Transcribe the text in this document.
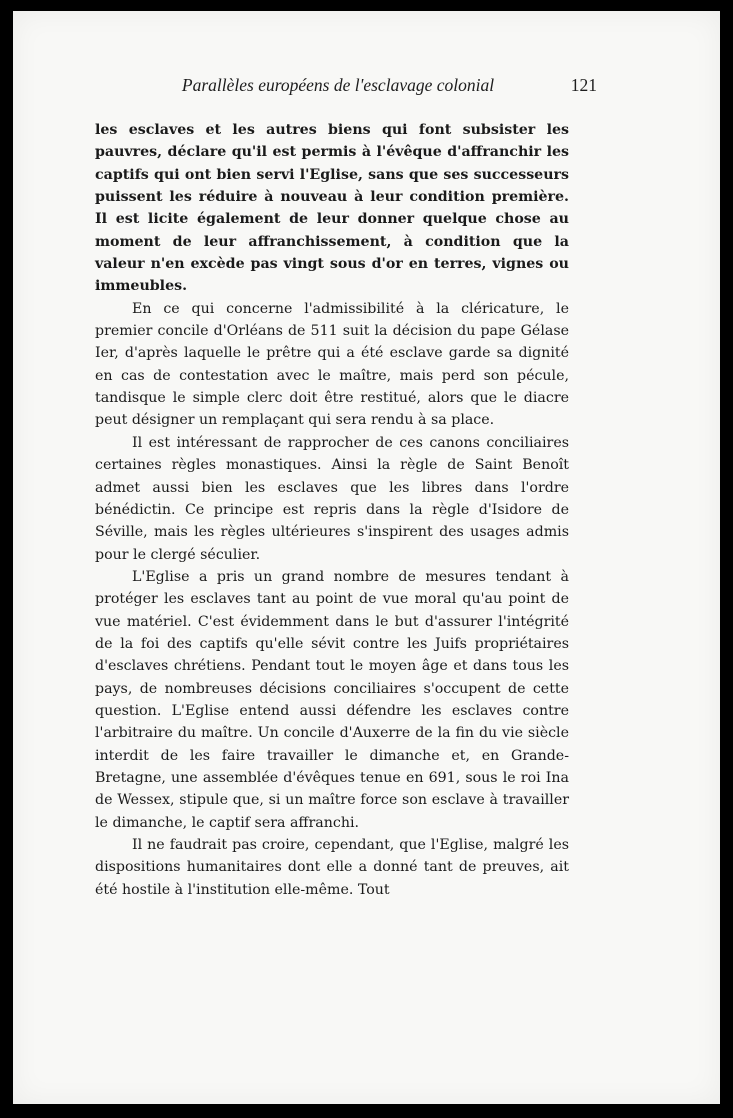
Parallèles européens de l'esclavage colonial	121

les esclaves et les autres biens qui font subsister les pauvres, déclare qu'il est permis à l'évêque d'affranchir les captifs qui ont bien servi l'Eglise, sans que ses successeurs puissent les réduire à nouveau à leur condition première. Il est licite également de leur donner quelque chose au moment de leur affranchissement, à condition que la valeur n'en excède pas vingt sous d'or en terres, vignes ou immeubles.

En ce qui concerne l'admissibilité à la cléricature, le premier concile d'Orléans de 511 suit la décision du pape Gélase Ier, d'après laquelle le prêtre qui a été esclave garde sa dignité en cas de contestation avec le maître, mais perd son pécule, tandisque le simple clerc doit être restitué, alors que le diacre peut désigner un remplaçant qui sera rendu à sa place.

Il est intéressant de rapprocher de ces canons conciliaires certaines règles monastiques. Ainsi la règle de Saint Benoît admet aussi bien les esclaves que les libres dans l'ordre bénédictin. Ce principe est repris dans la règle d'Isidore de Séville, mais les règles ultérieures s'inspirent des usages admis pour le clergé séculier.

L'Eglise a pris un grand nombre de mesures tendant à protéger les esclaves tant au point de vue moral qu'au point de vue matériel. C'est évidemment dans le but d'assurer l'intégrité de la foi des captifs qu'elle sévit contre les Juifs propriétaires d'esclaves chrétiens. Pendant tout le moyen âge et dans tous les pays, de nombreuses décisions conciliaires s'occupent de cette question. L'Eglise entend aussi défendre les esclaves contre l'arbitraire du maître. Un concile d'Auxerre de la fin du vie siècle interdit de les faire travailler le dimanche et, en Grande-Bretagne, une assemblée d'évêques tenue en 691, sous le roi Ina de Wessex, stipule que, si un maître force son esclave à travailler le dimanche, le captif sera affranchi.

Il ne faudrait pas croire, cependant, que l'Eglise, malgré les dispositions humanitaires dont elle a donné tant de preuves, ait été hostile à l'institution elle-même. Tout
